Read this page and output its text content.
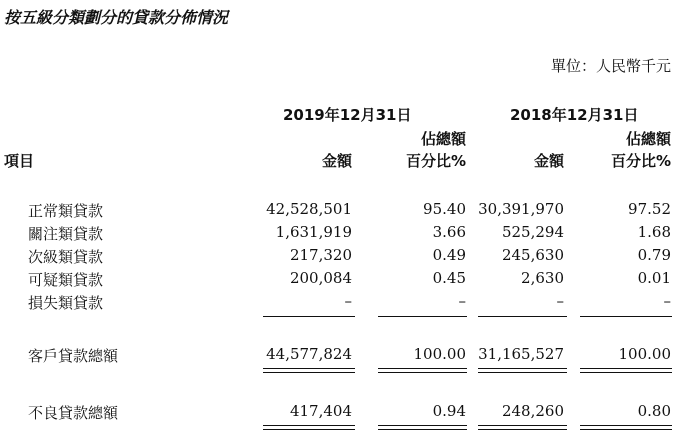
按五級分類劃分的貸款分佈情況
單位：人民幣千元
2019年12月31日	2018年12月31日
佔總額	佔總額
項目	金額	百分比%	金額	百分比%
正常類貸款	42,528,501	95.40 30,391,970	97.52
關注類貸款	1,631,919	3.66 525,294	1.68
次級類貸款	217,320	0.49 245,630	0.79
可疑類貸款	200,084	0.45	2,630	0.01
損失類貸款	–	–	–	–
客戶貸款總額	44,577,824	100.00 31,165,527	100.00
不良貸款總額	417,404	0.94 248,260	0.80
